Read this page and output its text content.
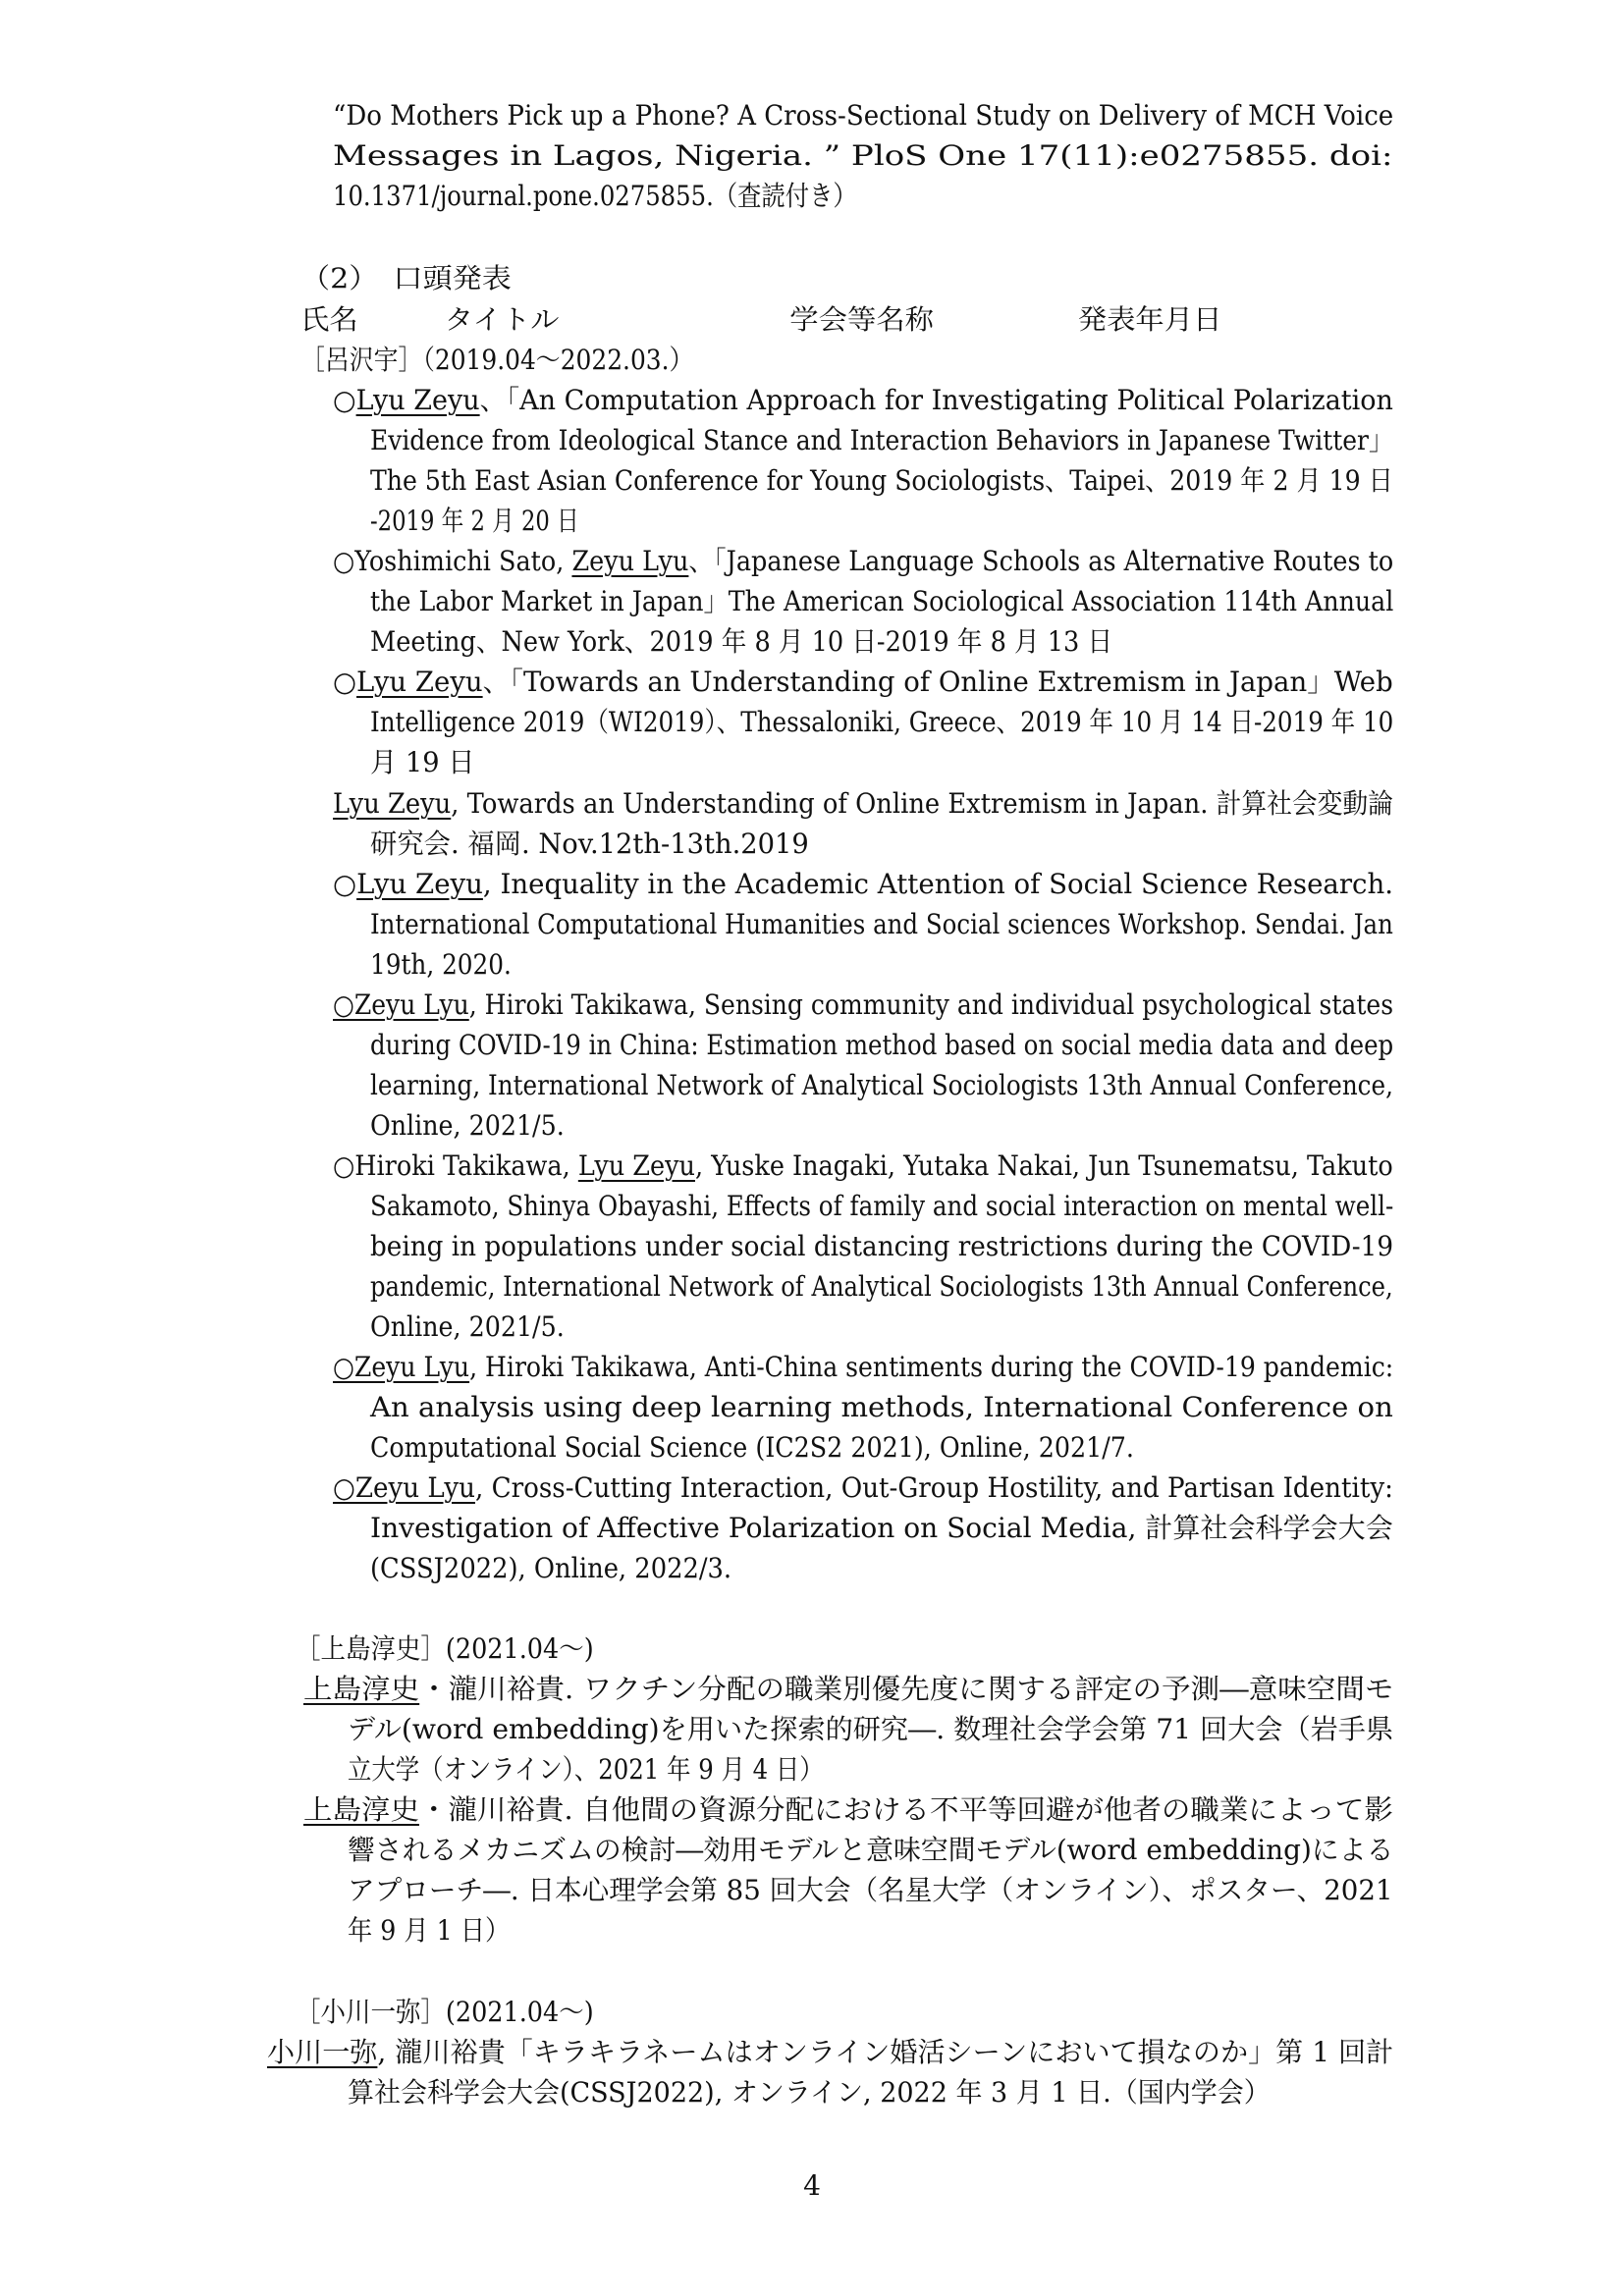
“Do Mothers Pick up a Phone? A Cross-Sectional Study on Delivery of MCH Voice
Messages in Lagos, Nigeria. ” PloS One 17(11):e0275855. doi:
10.1371/journal.pone.0275855.（査読付き）
（2）　口頭発表
氏名　　　タイトル　　　　　　　　学会等名称　　　　　発表年月日
［呂沢宇］（2019.04～2022.03.）
○Lyu Zeyu、「An Computation Approach for Investigating Political Polarization
Evidence from Ideological Stance and Interaction Behaviors in Japanese Twitter」
The 5th East Asian Conference for Young Sociologists、Taipei、2019 年 2 月 19 日
-2019 年 2 月 20 日
○Yoshimichi Sato, Zeyu Lyu、「Japanese Language Schools as Alternative Routes to
the Labor Market in Japan」The American Sociological Association 114th Annual
Meeting、New York、2019 年 8 月 10 日-2019 年 8 月 13 日
○Lyu Zeyu、「Towards an Understanding of Online Extremism in Japan」Web
Intelligence 2019（WI2019）、Thessaloniki, Greece、2019 年 10 月 14 日-2019 年 10
月 19 日
Lyu Zeyu, Towards an Understanding of Online Extremism in Japan. 計算社会変動論
研究会. 福岡. Nov.12th-13th.2019
○Lyu Zeyu, Inequality in the Academic Attention of Social Science Research.
International Computational Humanities and Social sciences Workshop. Sendai. Jan
19th, 2020.
○Zeyu Lyu, Hiroki Takikawa, Sensing community and individual psychological states
during COVID-19 in China: Estimation method based on social media data and deep
learning, International Network of Analytical Sociologists 13th Annual Conference,
Online, 2021/5.
○Hiroki Takikawa, Lyu Zeyu, Yuske Inagaki, Yutaka Nakai, Jun Tsunematsu, Takuto
Sakamoto, Shinya Obayashi, Effects of family and social interaction on mental well-
being in populations under social distancing restrictions during the COVID-19
pandemic, International Network of Analytical Sociologists 13th Annual Conference,
Online, 2021/5.
○Zeyu Lyu, Hiroki Takikawa, Anti-China sentiments during the COVID-19 pandemic:
An analysis using deep learning methods, International Conference on
Computational Social Science (IC2S2 2021), Online, 2021/7.
○Zeyu Lyu, Cross-Cutting Interaction, Out-Group Hostility, and Partisan Identity:
Investigation of Affective Polarization on Social Media, 計算社会科学会大会
(CSSJ2022), Online, 2022/3.
［上島淳史］(2021.04～)
上島淳史・瀧川裕貴. ワクチン分配の職業別優先度に関する評定の予測―意味空間モ
デル(word embedding)を用いた探索的研究―. 数理社会学会第 71 回大会（岩手県
立大学（オンライン）、2021 年 9 月 4 日）
上島淳史・瀧川裕貴. 自他間の資源分配における不平等回避が他者の職業によって影
響されるメカニズムの検討―効用モデルと意味空間モデル(word embedding)による
アプローチ―. 日本心理学会第 85 回大会（名星大学（オンライン）、ポスター、2021
年 9 月 1 日）
［小川一弥］(2021.04～)
小川一弥, 瀧川裕貴「キラキラネームはオンライン婚活シーンにおいて損なのか」第 1 回計
算社会科学会大会(CSSJ2022), オンライン, 2022 年 3 月 1 日.（国内学会）
4
